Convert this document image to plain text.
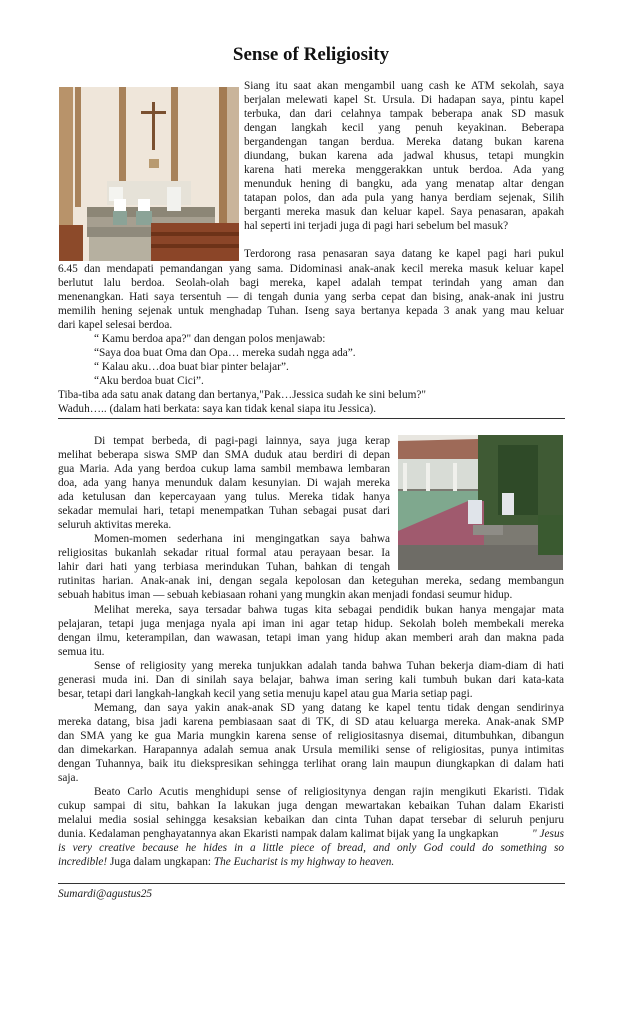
Sense of Religiosity
Siang itu saat akan mengambil uang cash ke ATM sekolah, saya
berjalan melewati kapel St. Ursula. Di hadapan saya, pintu kapel
terbuka, dan dari celahnya tampak beberapa anak SD masuk
dengan langkah kecil yang penuh keyakinan. Beberapa
bergandengan tangan berdua. Mereka datang bukan karena
diundang, bukan karena ada jadwal khusus, tetapi mungkin
karena hati mereka menggerakkan untuk berdoa. Ada yang
menunduk hening di bangku, ada yang menatap altar dengan
tatapan polos, dan ada pula yang hanya berdiam sejenak, Silih
berganti mereka masuk dan keluar kapel. Saya penasaran, apakah
hal seperti ini terjadi juga di pagi hari sebelum bel masuk?
Terdorong rasa penasaran saya datang ke kapel pagi hari pukul
6.45 dan mendapati pemandangan yang sama. Didominasi anak-anak kecil mereka masuk keluar kapel
berlutut lalu berdoa. Seolah-olah bagi mereka, kapel adalah tempat terindah yang aman dan
menenangkan. Hati saya tersentuh — di tengah dunia yang serba cepat dan bising, anak-anak ini justru
memilih hening sejenak untuk menghadap Tuhan. Iseng saya bertanya kepada 3 anak yang mau keluar
dari kapel selesai berdoa.
“ Kamu berdoa apa?" dan dengan polos menjawab:
“Saya doa buat Oma dan Opa… mereka sudah ngga ada”.
“ Kalau aku…doa buat biar pinter belajar”.
“Aku berdoa buat Cici”.
Tiba-tiba ada satu anak datang dan bertanya,"Pak…Jessica sudah ke sini belum?"
Waduh….. (dalam hati berkata: saya kan tidak kenal siapa itu Jessica).
Di tempat berbeda, di pagi-pagi lainnya, saya juga kerap
melihat beberapa siswa SMP dan SMA duduk atau berdiri di depan
gua Maria. Ada yang berdoa cukup lama sambil membawa lembaran
doa, ada yang hanya menunduk dalam kesunyian. Di wajah mereka
ada ketulusan dan kepercayaan yang tulus. Mereka tidak hanya
sekadar memulai hari, tetapi menempatkan Tuhan sebagai pusat dari
seluruh aktivitas mereka.
Momen-momen sederhana ini mengingatkan saya bahwa
religiositas bukanlah sekadar ritual formal atau perayaan besar. Ia
lahir dari hati yang terbiasa merindukan Tuhan, bahkan di tengah
rutinitas harian. Anak-anak ini, dengan segala kepolosan dan keteguhan mereka, sedang membangun
sebuah habitus iman — sebuah kebiasaan rohani yang mungkin akan menjadi fondasi seumur hidup.
Melihat mereka, saya tersadar bahwa tugas kita sebagai pendidik bukan hanya mengajar mata
pelajaran, tetapi juga menjaga nyala api iman ini agar tetap hidup. Sekolah boleh membekali mereka
dengan ilmu, keterampilan, dan wawasan, tetapi iman yang hidup akan memberi arah dan makna pada
semua itu.
Sense of religiosity yang mereka tunjukkan adalah tanda bahwa Tuhan bekerja diam-diam di hati
generasi muda ini. Dan di sinilah saya belajar, bahwa iman sering kali tumbuh bukan dari kata-kata
besar, tetapi dari langkah-langkah kecil yang setia menuju kapel atau gua Maria setiap pagi.
Memang, dan saya yakin anak-anak SD yang datang ke kapel tentu tidak dengan sendirinya
mereka datang, bisa jadi karena pembiasaan saat di TK, di SD atau keluarga mereka. Anak-anak SMP
dan SMA yang ke gua Maria mungkin karena sense of religiositasnya disemai, ditumbuhkan, dibangun
dan dimekarkan. Harapannya adalah semua anak Ursula memiliki sense of religiositas, punya intimitas
dengan Tuhannya, baik itu diekspresikan sehingga terlihat orang lain maupun diungkapkan di dalam hati
saja.
Beato Carlo Acutis menghidupi sense of religiositynya dengan rajin mengikuti Ekaristi. Tidak
cukup sampai di situ, bahkan Ia lakukan juga dengan mewartakan kebaikan Tuhan dalam Ekaristi
melalui media sosial sehingga kesaksian kebaikan dan cinta Tuhan dapat tersebar di seluruh penjuru
dunia. Kedalaman penghayatannya akan Ekaristi nampak dalam kalimat bijak yang Ia ungkapkan	" Jesus
is very creative because he hides in a little piece of bread, and only God could do something so
incredible! Juga dalam ungkapan: The Eucharist is my highway to heaven.
Sumardi@agustus25
